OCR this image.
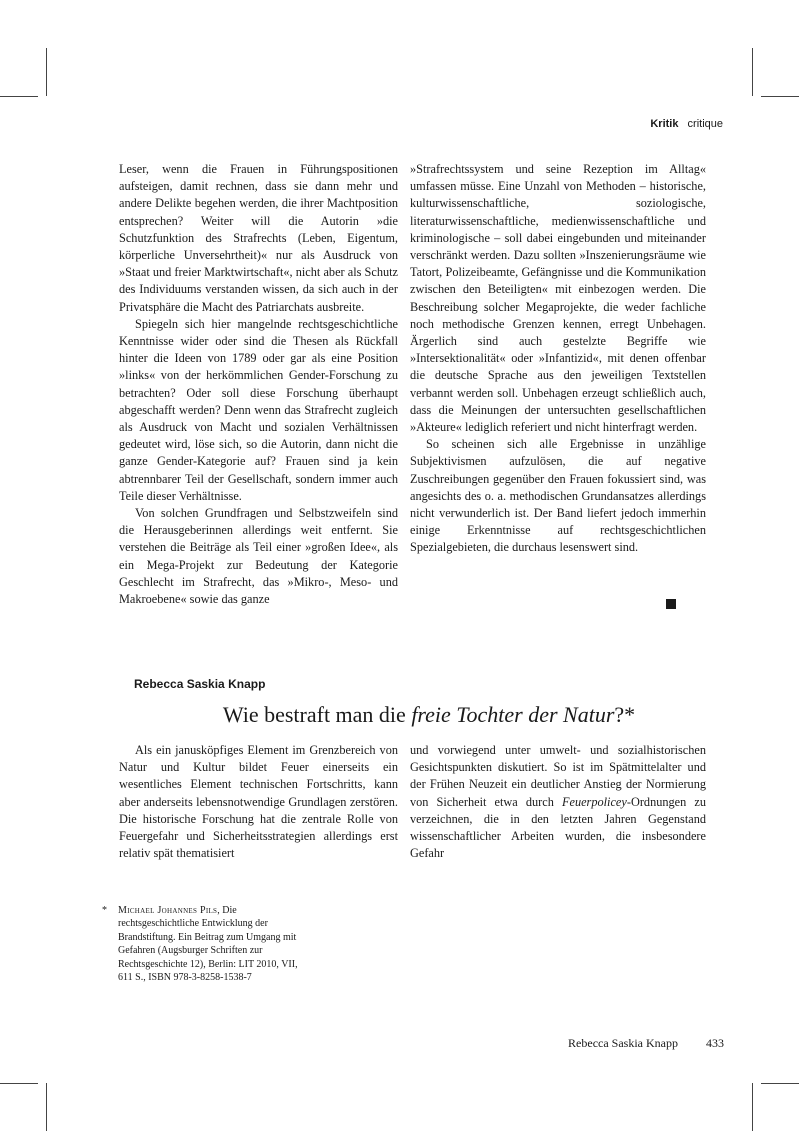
Kritik critique

Leser, wenn die Frauen in Führungspositionen aufsteigen, damit rechnen, dass sie dann mehr und andere Delikte begehen werden, die ihrer Machtposition entsprechen? Weiter will die Autorin »die Schutzfunktion des Strafrechts (Leben, Eigentum, körperliche Unversehrtheit)« nur als Ausdruck von »Staat und freier Marktwirtschaft«, nicht aber als Schutz des Individuums verstanden wissen, da sich auch in der Privatsphäre die Macht des Patriarchats ausbreite.

Spiegeln sich hier mangelnde rechtsgeschichtliche Kenntnisse wider oder sind die Thesen als Rückfall hinter die Ideen von 1789 oder gar als eine Position »links« von der herkömmlichen Gender-Forschung zu betrachten? Oder soll diese Forschung überhaupt abgeschafft werden? Denn wenn das Strafrecht zugleich als Ausdruck von Macht und sozialen Verhältnissen gedeutet wird, löse sich, so die Autorin, dann nicht die ganze Gender-Kategorie auf? Frauen sind ja kein abtrennbarer Teil der Gesellschaft, sondern immer auch Teile dieser Verhältnisse.

Von solchen Grundfragen und Selbstzweifeln sind die Herausgeberinnen allerdings weit entfernt. Sie verstehen die Beiträge als Teil einer »großen Idee«, als ein Mega-Projekt zur Bedeutung der Kategorie Geschlecht im Strafrecht, das »Mikro-, Meso- und Makroebene« sowie das ganze

»Strafrechtssystem und seine Rezeption im Alltag« umfassen müsse. Eine Unzahl von Methoden – historische, kulturwissenschaftliche, soziologische, literaturwissenschaftliche, medienwissenschaftliche und kriminologische – soll dabei eingebunden und miteinander verschränkt werden. Dazu sollten »Inszenierungsräume wie Tatort, Polizeibeamte, Gefängnisse und die Kommunikation zwischen den Beteiligten« mit einbezogen werden. Die Beschreibung solcher Megaprojekte, die weder fachliche noch methodische Grenzen kennen, erregt Unbehagen. Ärgerlich sind auch gestelzte Begriffe wie »Intersektionalität« oder »Infantizid«, mit denen offenbar die deutsche Sprache aus den jeweiligen Textstellen verbannt werden soll. Unbehagen erzeugt schließlich auch, dass die Meinungen der untersuchten gesellschaftlichen »Akteure« lediglich referiert und nicht hinterfragt werden.

So scheinen sich alle Ergebnisse in unzählige Subjektivismen aufzulösen, die auf negative Zuschreibungen gegenüber den Frauen fokussiert sind, was angesichts des o. a. methodischen Grundansatzes allerdings nicht verwunderlich ist. Der Band liefert jedoch immerhin einige Erkenntnisse auf rechtsgeschichtlichen Spezialgebieten, die durchaus lesenswert sind.

Rebecca Saskia Knapp
Wie bestraft man die freie Tochter der Natur?*

Als ein janusköpfiges Element im Grenzbereich von Natur und Kultur bildet Feuer einerseits ein wesentliches Element technischen Fortschritts, kann aber anderseits lebensnotwendige Grundlagen zerstören. Die historische Forschung hat die zentrale Rolle von Feuergefahr und Sicherheitsstrategien allerdings erst relativ spät thematisiert

und vorwiegend unter umwelt- und sozialhistorischen Gesichtspunkten diskutiert. So ist im Spätmittelalter und der Frühen Neuzeit ein deutlicher Anstieg der Normierung von Sicherheit etwa durch Feuerpolicey-Ordnungen zu verzeichnen, die in den letzten Jahren Gegenstand wissenschaftlicher Arbeiten wurden, die insbesondere Gefahr

* Michael Johannes Pils, Die rechtsgeschichtliche Entwicklung der Brandstiftung. Ein Beitrag zum Umgang mit Gefahren (Augsburger Schriften zur Rechtsgeschichte 12), Berlin: LIT 2010, VII, 611 S., ISBN 978-3-8258-1538-7
Rebecca Saskia Knapp 433
